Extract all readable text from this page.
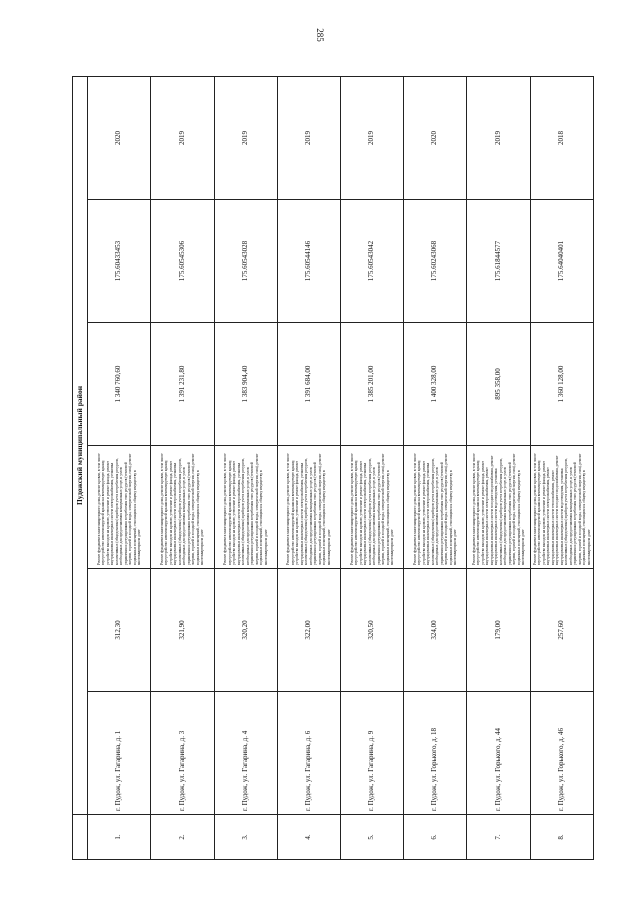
285
	Пудожский муниципальный район					
1.	г. Пудож, ул. Гагарина, д. 1	312,30	Ремонт фундамента многоквартирного дома, ремонт кровли, в том числе переустройство невентилируемой крыши на вентилируемую крышу, устройство выходов на кровлю, утепление и ремонт фасада, ремонт внутридомовых инженерных систем электроснабжения, установка коллективных (общедомовых) приборов учета потребления ресурсов, необходимых для предоставления коммунальных услуг, и узлов управления и регулирования потребления этих ресурсов (тепловой энергии, горячей и холодной воды, электрической энергии, газа), ремонт подвальных помещений, относящихся к общему имуществу в многоквартирном доме	1 340 760,60	175.60433453	2020
2.	г. Пудож, ул. Гагарина, д. 3	321,90	Ремонт фундамента многоквартирного дома, ремонт кровли, в том числе переустройство невентилируемой крыши на вентилируемую крышу, устройство выходов на кровлю, утепление и ремонт фасада, ремонт внутридомовых инженерных систем электроснабжения, установка коллективных (общедомовых) приборов учета потребления ресурсов, необходимых для предоставления коммунальных услуг, и узлов управления и регулирования потребления этих ресурсов (тепловой энергии, горячей и холодной воды, электрической энергии, газа), ремонт подвальных помещений, относящихся к общему имуществу в многоквартирном доме	1 391 231,80	175.60545306	2019
3.	г. Пудож, ул. Гагарина, д. 4	320,20	Ремонт фундамента многоквартирного дома, ремонт кровли, в том числе переустройство невентилируемой крыши на вентилируемую крышу, устройство выходов на кровлю, утепление и ремонт фасада, ремонт внутридомовых инженерных систем электроснабжения, установка коллективных (общедомовых) приборов учета потребления ресурсов, необходимых для предоставления коммунальных услуг, и узлов управления и регулирования потребления этих ресурсов (тепловой энергии, горячей и холодной воды, электрической энергии, газа), ремонт подвальных помещений, относящихся к общему имуществу в многоквартирном доме	1 383 904,40	175.60543028	2019
4.	г. Пудож, ул. Гагарина, д. 6	322,00	Ремонт фундамента многоквартирного дома, ремонт кровли, в том числе переустройство невентилируемой крыши на вентилируемую крышу, устройство выходов на кровлю, утепление и ремонт фасада, ремонт внутридомовых инженерных систем электроснабжения, установка коллективных (общедомовых) приборов учета потребления ресурсов, необходимых для предоставления коммунальных услуг, и узлов управления и регулирования потребления этих ресурсов (тепловой энергии, горячей и холодной воды, электрической энергии, газа), ремонт подвальных помещений, относящихся к общему имуществу в многоквартирном доме	1 391 684,00	175.60544146	2019
5.	г. Пудож, ул. Гагарина, д. 9	320,50	Ремонт фундамента многоквартирного дома, ремонт кровли, в том числе переустройство невентилируемой крыши на вентилируемую крышу, устройство выходов на кровлю, утепление и ремонт фасада, ремонт внутридомовых инженерных систем электроснабжения, установка коллективных (общедомовых) приборов учета потребления ресурсов, необходимых для предоставления коммунальных услуг, и узлов управления и регулирования потребления этих ресурсов (тепловой энергии, горячей и холодной воды, электрической энергии, газа), ремонт подвальных помещений, относящихся к общему имуществу в многоквартирном доме	1 385 201,00	175.60543042	2019
6.	г. Пудож, ул. Горького, д. 18	324,00	Ремонт фундамента многоквартирного дома, ремонт кровли, в том числе переустройство невентилируемой крыши на вентилируемую крышу, устройство выходов на кровлю, утепление и ремонт фасада, ремонт внутридомовых инженерных систем электроснабжения, установка коллективных (общедомовых) приборов учета потребления ресурсов, необходимых для предоставления коммунальных услуг, и узлов управления и регулирования потребления этих ресурсов (тепловой энергии, горячей и холодной воды, электрической энергии, газа), ремонт подвальных помещений, относящихся к общему имуществу в многоквартирном доме	1 400 328,00	175.60243068	2020
7.	г. Пудож, ул. Горького, д. 44	179,00	Ремонт фундамента многоквартирного дома, ремонт кровли, в том числе переустройство невентилируемой крыши на вентилируемую крышу, устройство выходов на кровлю, утепление и ремонт фасада, ремонт внутридомовых инженерных систем электроснабжения, ремонт внутридомовых инженерных систем холодного водоснабжения, ремонт внутридомовых инженерных систем водоотведения, установка коллективных (общедомовых) приборов учета потребления ресурсов, необходимых для предоставления коммунальных услуг, и узлов управления и регулирования потребления этих ресурсов (тепловой энергии, горячей и холодной воды, электрической энергии, газа), ремонт подвальных помещений, относящихся к общему имуществу в многоквартирном доме	895 358,00	175.61844577	2019
8.	г. Пудож, ул. Горького, д. 46	257,60	Ремонт фундамента многоквартирного дома, ремонт кровли, в том числе переустройство невентилируемой крыши на вентилируемую крышу, устройство выходов на кровлю, утепление и ремонт фасада, ремонт внутридомовых инженерных систем электроснабжения, ремонт внутридомовых инженерных систем теплоснабжения, ремонт внутридомовых инженерных систем холодного водоснабжения, ремонт внутридомовых инженерных систем водоотведения, установка коллективных (общедомовых) приборов учета потребления ресурсов, необходимых для предоставления коммунальных услуг, и узлов управления и регулирования потребления этих ресурсов (тепловой энергии, горячей и холодной воды, электрической энергии, газа), ремонт подвальных помещений, относящихся к общему имуществу в многоквартирном доме	1 360 128,00	175.64040401	2018
